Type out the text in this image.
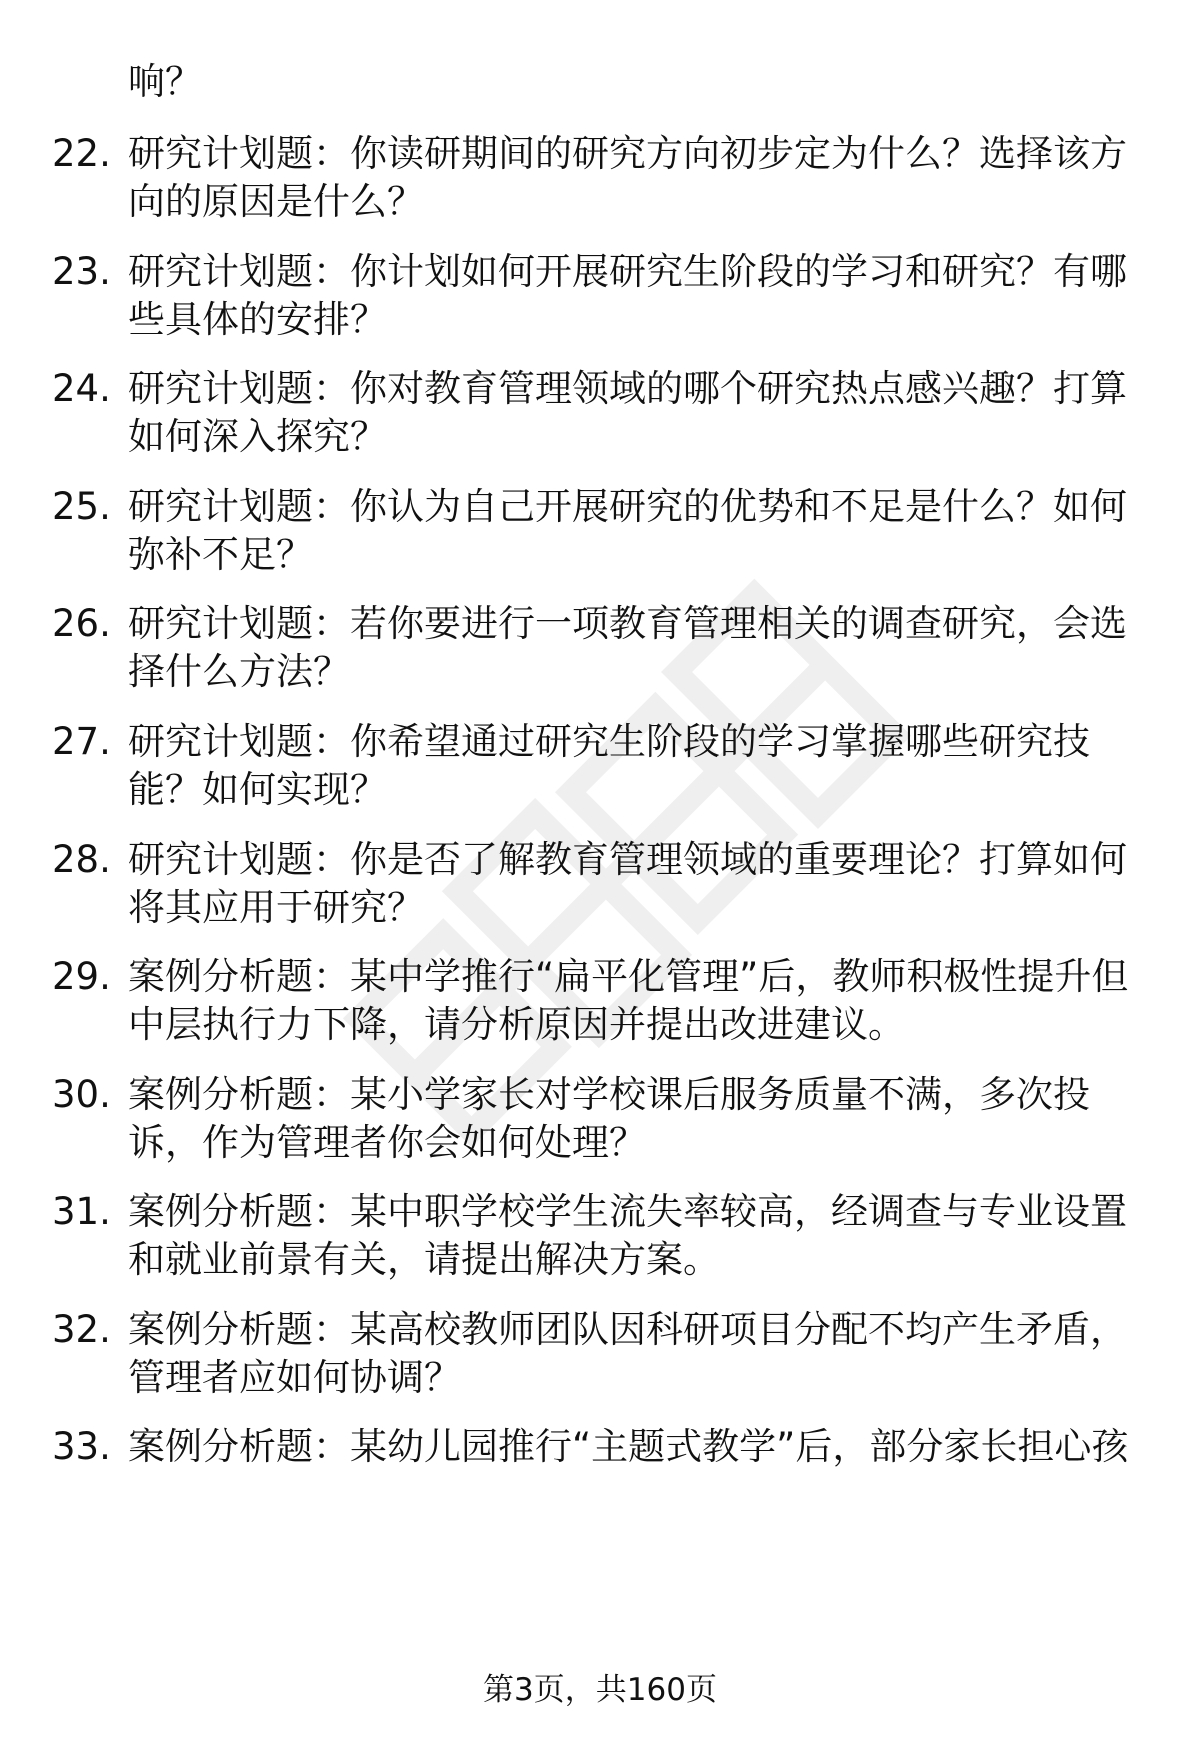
响？
22. 研究计划题：你读研期间的研究方向初步定为什么？选择该方向的原因是什么？
23. 研究计划题：你计划如何开展研究生阶段的学习和研究？有哪些具体的安排？
24. 研究计划题：你对教育管理领域的哪个研究热点感兴趣？打算如何深入探究？
25. 研究计划题：你认为自己开展研究的优势和不足是什么？如何弥补不足？
26. 研究计划题：若你要进行一项教育管理相关的调查研究，会选择什么方法？
27. 研究计划题：你希望通过研究生阶段的学习掌握哪些研究技能？如何实现？
28. 研究计划题：你是否了解教育管理领域的重要理论？打算如何将其应用于研究？
29. 案例分析题：某中学推行“扁平化管理”后，教师积极性提升但中层执行力下降，请分析原因并提出改进建议。
30. 案例分析题：某小学家长对学校课后服务质量不满，多次投诉，作为管理者你会如何处理？
31. 案例分析题：某中职学校学生流失率较高，经调查与专业设置和就业前景有关，请提出解决方案。
32. 案例分析题：某高校教师团队因科研项目分配不均产生矛盾，管理者应如何协调？
33. 案例分析题：某幼儿园推行“主题式教学”后，部分家长担心孩
第3页，共160页
